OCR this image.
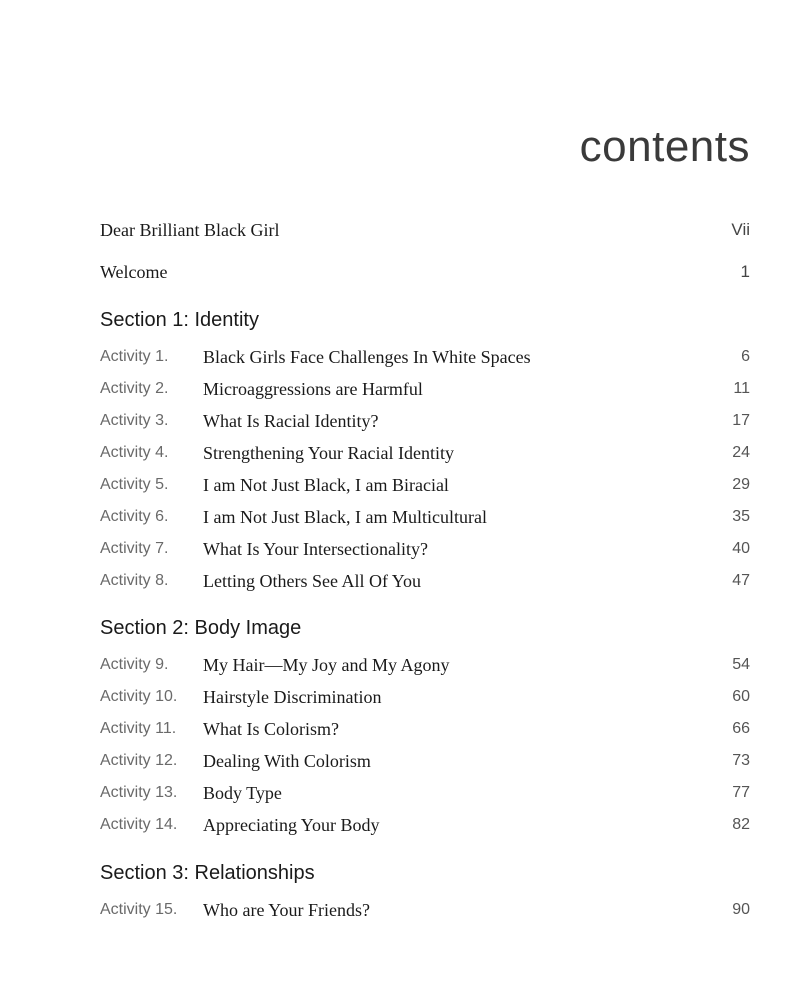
contents
Dear Brilliant Black Girl	Vii
Welcome	1
Section 1: Identity
Activity 1. Black Girls Face Challenges In White Spaces	6
Activity 2. Microaggressions are Harmful	11
Activity 3. What Is Racial Identity?	17
Activity 4. Strengthening Your Racial Identity	24
Activity 5. I am Not Just Black, I am Biracial	29
Activity 6. I am Not Just Black, I am Multicultural	35
Activity 7. What Is Your Intersectionality?	40
Activity 8. Letting Others See All Of You	47
Section 2: Body Image
Activity 9. My Hair—My Joy and My Agony	54
Activity 10. Hairstyle Discrimination	60
Activity 11. What Is Colorism?	66
Activity 12. Dealing With Colorism	73
Activity 13. Body Type	77
Activity 14. Appreciating Your Body	82
Section 3: Relationships
Activity 15. Who are Your Friends?	90
